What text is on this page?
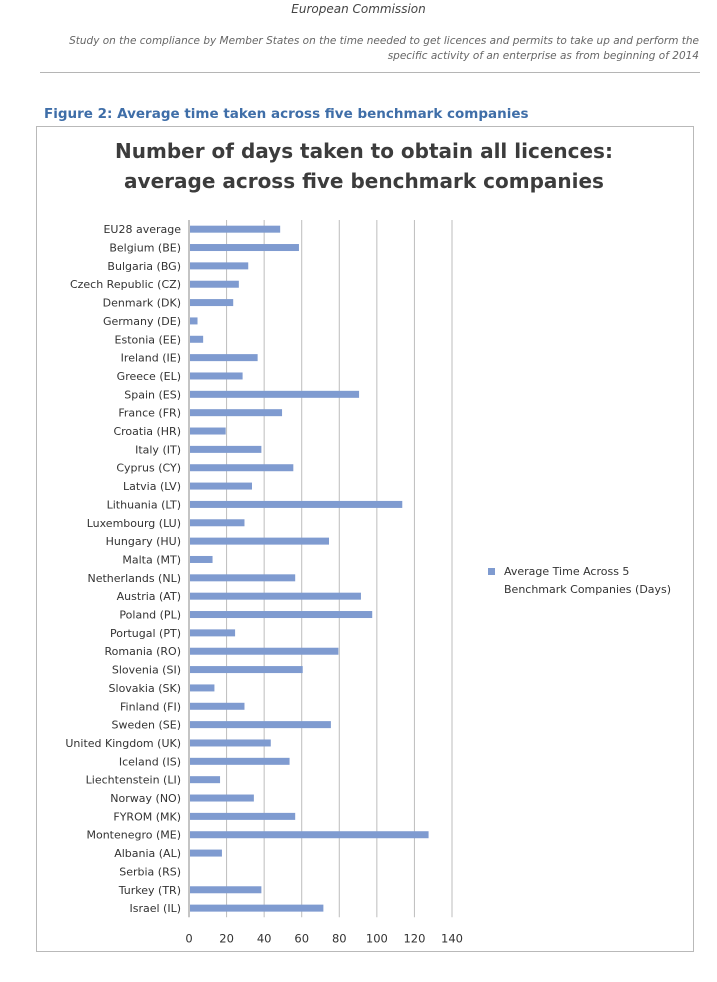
European Commission
Study on the compliance by Member States on the time needed to get licences and permits to take up and perform the specific activity of an enterprise as from beginning of 2014
Figure 2: Average time taken across five benchmark companies
Number of days taken to obtain all licences:
average across five benchmark companies
EU28 average
Belgium (BE)
Bulgaria (BG)
Czech Republic (CZ)
Denmark (DK)
Germany (DE)
Estonia (EE)
Ireland (IE)
Greece (EL)
Spain (ES)
France (FR)
Croatia (HR)
Italy (IT)
Cyprus (CY)
Latvia (LV)
Lithuania (LT)
Luxembourg (LU)
Hungary (HU)
Malta (MT)
Netherlands (NL)
Austria (AT)
Poland (PL)
Portugal (PT)
Romania (RO)
Slovenia (SI)
Slovakia (SK)
Finland (FI)
Sweden (SE)
United Kingdom (UK)
Iceland (IS)
Liechtenstein (LI)
Norway (NO)
FYROM (MK)
Montenegro (ME)
Albania (AL)
Serbia (RS)
Turkey (TR)
Israel (IL)
0 20 40 60 80 100 120 140
Average Time Across 5 Benchmark Companies (Days)
